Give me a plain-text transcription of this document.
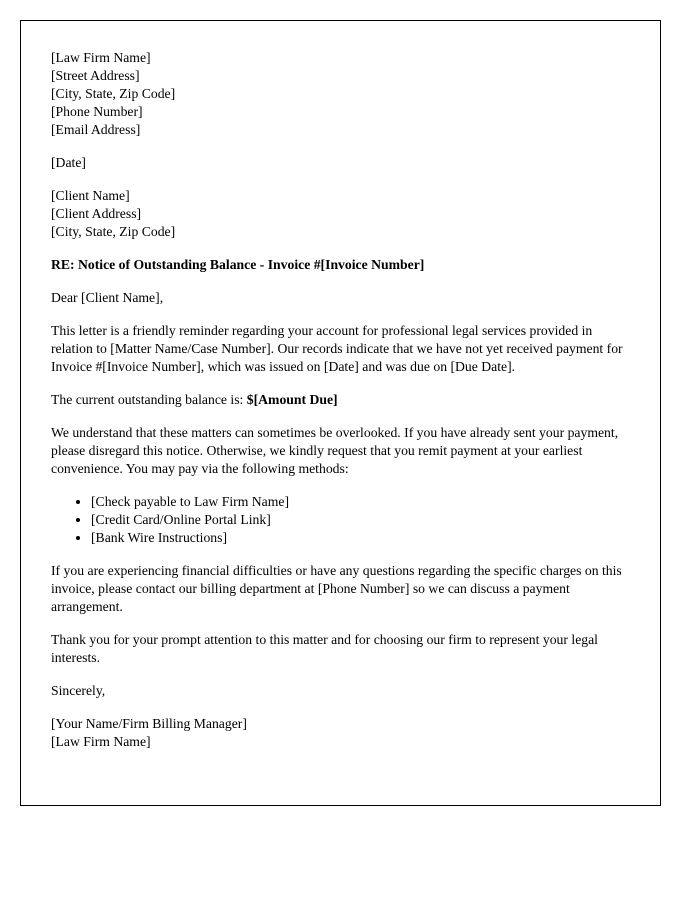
[Law Firm Name]
[Street Address]
[City, State, Zip Code]
[Phone Number]
[Email Address]
[Date]
[Client Name]
[Client Address]
[City, State, Zip Code]
RE: Notice of Outstanding Balance - Invoice #[Invoice Number]
Dear [Client Name],
This letter is a friendly reminder regarding your account for professional legal services provided in relation to [Matter Name/Case Number]. Our records indicate that we have not yet received payment for Invoice #[Invoice Number], which was issued on [Date] and was due on [Due Date].
The current outstanding balance is: $[Amount Due]
We understand that these matters can sometimes be overlooked. If you have already sent your payment, please disregard this notice. Otherwise, we kindly request that you remit payment at your earliest convenience. You may pay via the following methods:
• [Check payable to Law Firm Name]
• [Credit Card/Online Portal Link]
• [Bank Wire Instructions]
If you are experiencing financial difficulties or have any questions regarding the specific charges on this invoice, please contact our billing department at [Phone Number] so we can discuss a payment arrangement.
Thank you for your prompt attention to this matter and for choosing our firm to represent your legal interests.
Sincerely,
[Your Name/Firm Billing Manager]
[Law Firm Name]
